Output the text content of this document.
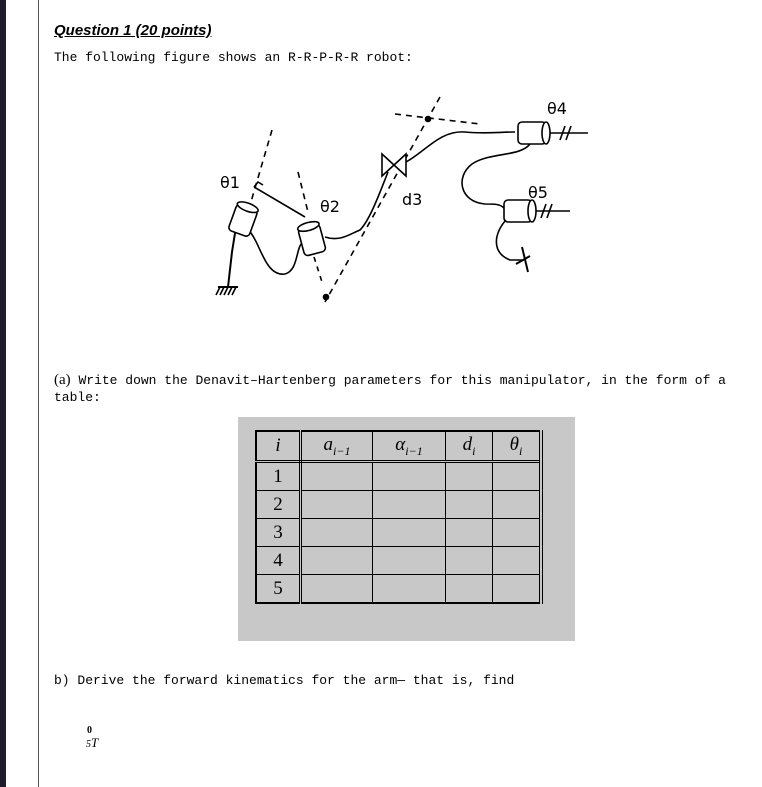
Question 1 (20 points)
The following figure shows an R-R-P-R-R robot:
θ1
θ2	d3
θ4
θ5
(a) Write down the Denavit–Hartenberg parameters for this manipulator, in the form of a table:
i	$a_{i-1}$	$\alpha_{i-1}$	$d_i$	$\theta_i$
1				
2				
3				
4				
5				
b) Derive the forward kinematics for the arm— that is, find
0
5 T
